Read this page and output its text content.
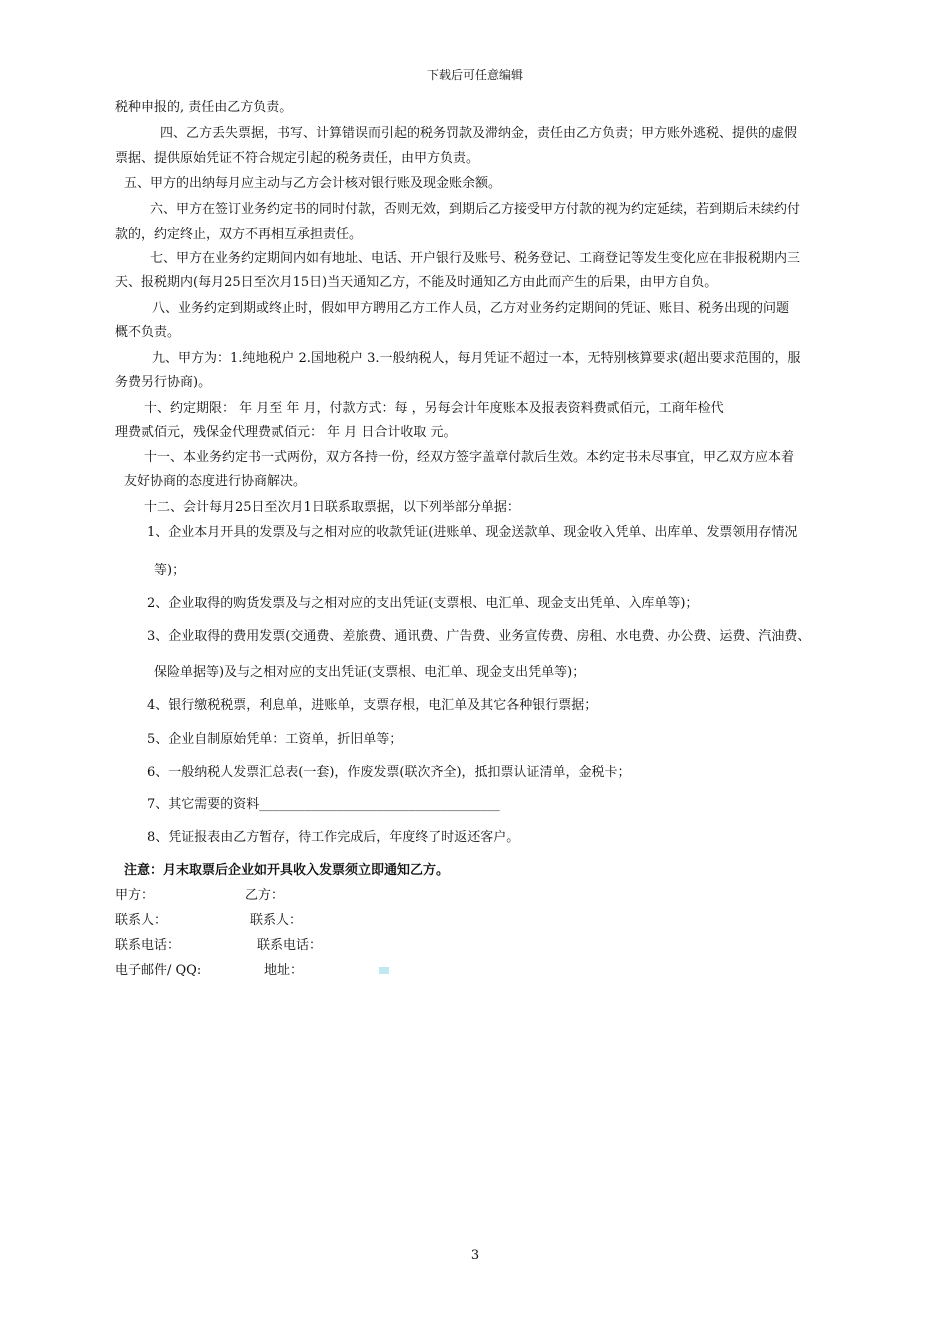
下载后可任意编辑
税种申报的, 责任由乙方负责。
四、乙方丢失票据，书写、计算错误而引起的税务罚款及滞纳金，责任由乙方负责；甲方账外逃税、提供的虚假
票据、提供原始凭证不符合规定引起的税务责任，由甲方负责。
五、甲方的出纳每月应主动与乙方会计核对银行账及现金账余额。
六、甲方在签订业务约定书的同时付款，否则无效，到期后乙方接受甲方付款的视为约定延续，若到期后未续约付
款的，约定终止，双方不再相互承担责任。
七、甲方在业务约定期间内如有地址、电话、开户银行及账号、税务登记、工商登记等发生变化应在非报税期内三
天、报税期内(每月25日至次月15日)当天通知乙方，不能及时通知乙方由此而产生的后果，由甲方自负。
八、业务约定到期或终止时，假如甲方聘用乙方工作人员，乙方对业务约定期间的凭证、账目、税务出现的问题
概不负责。
九、甲方为：1.纯地税户 2.国地税户 3.一般纳税人，每月凭证不超过一本，无特别核算要求(超出要求范围的，服
务费另行协商)。
十、约定期限： 年 月至 年 月，付款方式：每 ，另每会计年度账本及报表资料费贰佰元，工商年检代
理费贰佰元，残保金代理费贰佰元： 年 月 日合计收取 元。
十一、本业务约定书一式两份，双方各持一份，经双方签字盖章付款后生效。本约定书未尽事宜，甲乙双方应本着
友好协商的态度进行协商解决。
十二、会计每月25日至次月1日联系取票据，以下列举部分单据：
1、企业本月开具的发票及与之相对应的收款凭证(进账单、现金送款单、现金收入凭单、出库单、发票领用存情况
等)；
2、企业取得的购货发票及与之相对应的支出凭证(支票根、电汇单、现金支出凭单、入库单等)；
3、企业取得的费用发票(交通费、差旅费、通讯费、广告费、业务宣传费、房租、水电费、办公费、运费、汽油费、
保险单据等)及与之相对应的支出凭证(支票根、电汇单、现金支出凭单等)；
4、银行缴税税票，利息单，进账单，支票存根，电汇单及其它各种银行票据；
5、企业自制原始凭单：工资单，折旧单等；
6、一般纳税人发票汇总表(一套)，作废发票(联次齐全)，抵扣票认证清单，金税卡；
7、其它需要的资料_____________________________________
8、凭证报表由乙方暂存，待工作完成后，年度终了时返还客户。
注意：月末取票后企业如开具收入发票须立即通知乙方。
甲方：	乙方：
联系人：	联系人：
联系电话：	联系电话：
电子邮件/ QQ:	地址：
3
